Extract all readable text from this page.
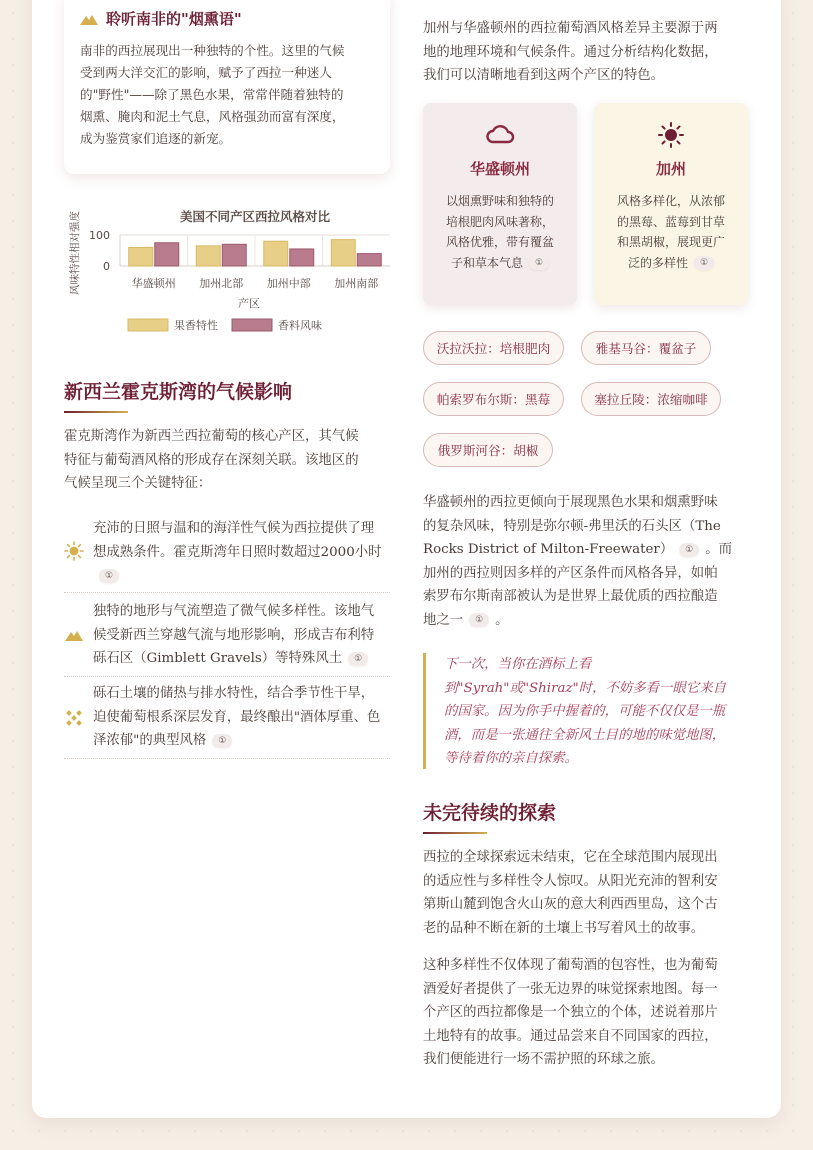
聆听南非的"烟熏语"
南非的西拉展现出一种独特的个性。这里的气候
受到两大洋交汇的影响，赋予了西拉一种迷人
的"野性"——除了黑色水果，常常伴随着独特的
烟熏、腌肉和泥土气息，风格强劲而富有深度，
成为鉴赏家们追逐的新宠。
美国不同产区西拉风格对比
100
0
风味特性相对强度	华盛顿州 加州北部 加州中部 加州南部
产区
果香特性	香料风味
新西兰霍克斯湾的气候影响
霍克斯湾作为新西兰西拉葡萄的核心产区，其气候
特征与葡萄酒风格的形成存在深刻关联。该地区的
气候呈现三个关键特征：
充沛的日照与温和的海洋性气候为西拉提供了理
想成熟条件。霍克斯湾年日照时数超过2000小时
①
独特的地形与气流塑造了微气候多样性。该地气
候受新西兰穿越气流与地形影响，形成吉布利特
砾石区（Gimblett Gravels）等特殊风土 ①
砾石土壤的储热与排水特性，结合季节性干旱，
迫使葡萄根系深层发育，最终酿出"酒体厚重、色
泽浓郁"的典型风格 ①
加州与华盛顿州的西拉葡萄酒风格差异主要源于两
地的地理环境和气候条件。通过分析结构化数据，
我们可以清晰地看到这两个产区的特色。
华盛顿州
以烟熏野味和独特的
培根肥肉风味著称，
风格优雅，带有覆盆
子和草本气息 ①
加州
风格多样化，从浓郁
的黑莓、蓝莓到甘草
和黑胡椒，展现更广
泛的多样性 ①
沃拉沃拉：培根肥肉	雅基马谷：覆盆子
帕索罗布尔斯：黑莓	塞拉丘陵：浓缩咖啡
俄罗斯河谷：胡椒
华盛顿州的西拉更倾向于展现黑色水果和烟熏野味
的复杂风味，特别是弥尔顿-弗里沃的石头区（The
Rocks District of Milton-Freewater） ① 。而
加州的西拉则因多样的产区条件而风格各异，如帕
索罗布尔斯南部被认为是世界上最优质的西拉酿造
地之一 ① 。
下一次，当你在酒标上看
到"Syrah"或"Shiraz"时，不妨多看一眼它来自
的国家。因为你手中握着的，可能不仅仅是一瓶
酒，而是一张通往全新风土目的地的味觉地图，
等待着你的亲自探索。
未完待续的探索
西拉的全球探索远未结束，它在全球范围内展现出
的适应性与多样性令人惊叹。从阳光充沛的智利安
第斯山麓到饱含火山灰的意大利西西里岛，这个古
老的品种不断在新的土壤上书写着风土的故事。
这种多样性不仅体现了葡萄酒的包容性，也为葡萄
酒爱好者提供了一张无边界的味觉探索地图。每一
个产区的西拉都像是一个独立的个体，述说着那片
土地特有的故事。通过品尝来自不同国家的西拉，
我们便能进行一场不需护照的环球之旅。
